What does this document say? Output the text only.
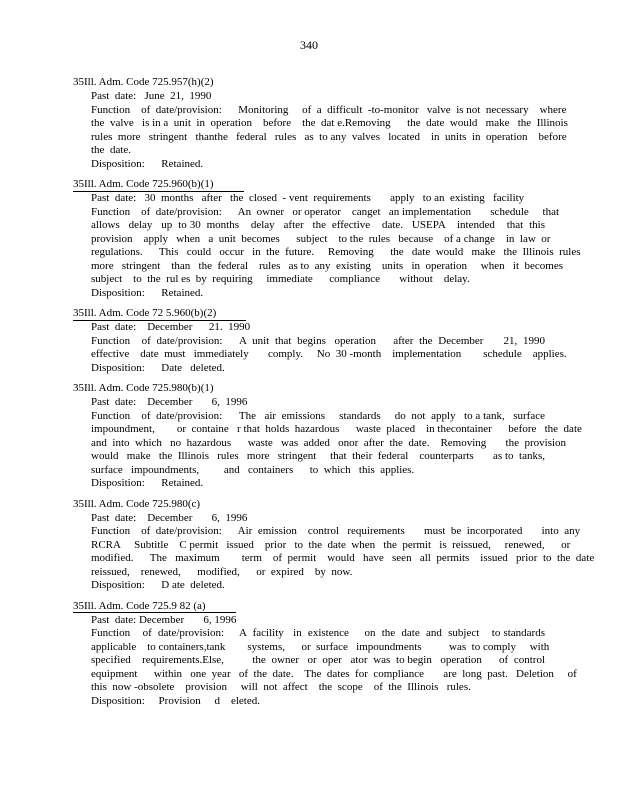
340
35Ill. Adm. Code 725.957(h)(2)
Past  date:   June  21,  1990
Function    of  date/provision:      Monitoring     of  a  difficult  -to-monitor   valve  is not  necessary    where
the  valve   is in a  unit  in  operation    before    the  dat e.Removing      the  date  would   make   the  Illinois
rules  more   stringent   thanthe   federal   rules   as  to any  valves   located    in  units  in  operation    before
the  date.
Disposition:      Retained.
35Ill. Adm. Code 725.960(b)(1)
Past  date:   30  months   after   the  closed  - vent  requirements       apply   to an  existing   facility
Function    of  date/provision:      An  owner   or operator    canget   an implementation       schedule     that
allows   delay   up  to 30  months    delay   after   the  effective    date.   USEPA    intended    that  this
provision    apply   when   a  unit  becomes      subject    to the  rules   because    of a change    in  law  or
regulations.      This   could   occur   in  the  future.     Removing      the   date  would   make   the  Illinois  rules
more   stringent    than   the  federal    rules   as to  any  existing    units   in  operation     when   it  becomes
subject    to  the  rul es  by  requiring     immediate      compliance       without    delay.
Disposition:      Retained.
35Ill. Adm. Code 72 5.960(b)(2)
Past  date:    December      21.  1990
Function    of  date/provision:      A  unit  that  begins   operation      after  the  December       21,  1990
effective    date  must   immediately       comply.     No  30 -month    implementation        schedule    applies.
Disposition:      Date   deleted.
35Ill. Adm. Code 725.980(b)(1)
Past  date:    December       6,  1996
Function    of  date/provision:      The   air  emissions     standards     do  not  apply   to a tank,   surface
impoundment,        or  containe   r that  holds  hazardous      waste  placed    in thecontainer      before   the  date
and  into  which   no  hazardous      waste   was  added   onor  after  the  date.    Removing       the  provision
would   make   the  Illinois   rules   more   stringent     that  their  federal    counterparts       as to  tanks,
surface   impoundments,         and   containers      to  which   this  applies.
Disposition:      Retained.
35Ill. Adm. Code 725.980(c)
Past  date:    December       6,  1996
Function    of  date/provision:      Air  emission    control   requirements       must  be  incorporated       into  any
RCRA     Subtitle    C permit   issued    prior   to  the  date  when   the  permit   is  reissued,     renewed,      or
modified.      The   maximum        term    of  permit    would   have   seen   all  permits    issued   prior  to  the  date
reissued,    renewed,      modified,      or  expired    by  now.
Disposition:      D ate  deleted.
35Ill. Adm. Code 725.9 82 (a)
Past  date: December       6, 1996
Function    of  date/provision:     A  facility   in  existence     on  the  date  and  subject    to standards
applicable    to containers,tank        systems,      or  surface   impoundments          was  to comply     with
specified    requirements.Else,          the  owner   or  oper   ator  was  to begin   operation      of  control
equipment      within   one  year   of  the  date.    The  dates  for  compliance       are  long  past.   Deletion     of
this  now -obsolete    provision     will  not  affect    the  scope    of  the  Illinois   rules.
Disposition:     Provision     d    eleted.
